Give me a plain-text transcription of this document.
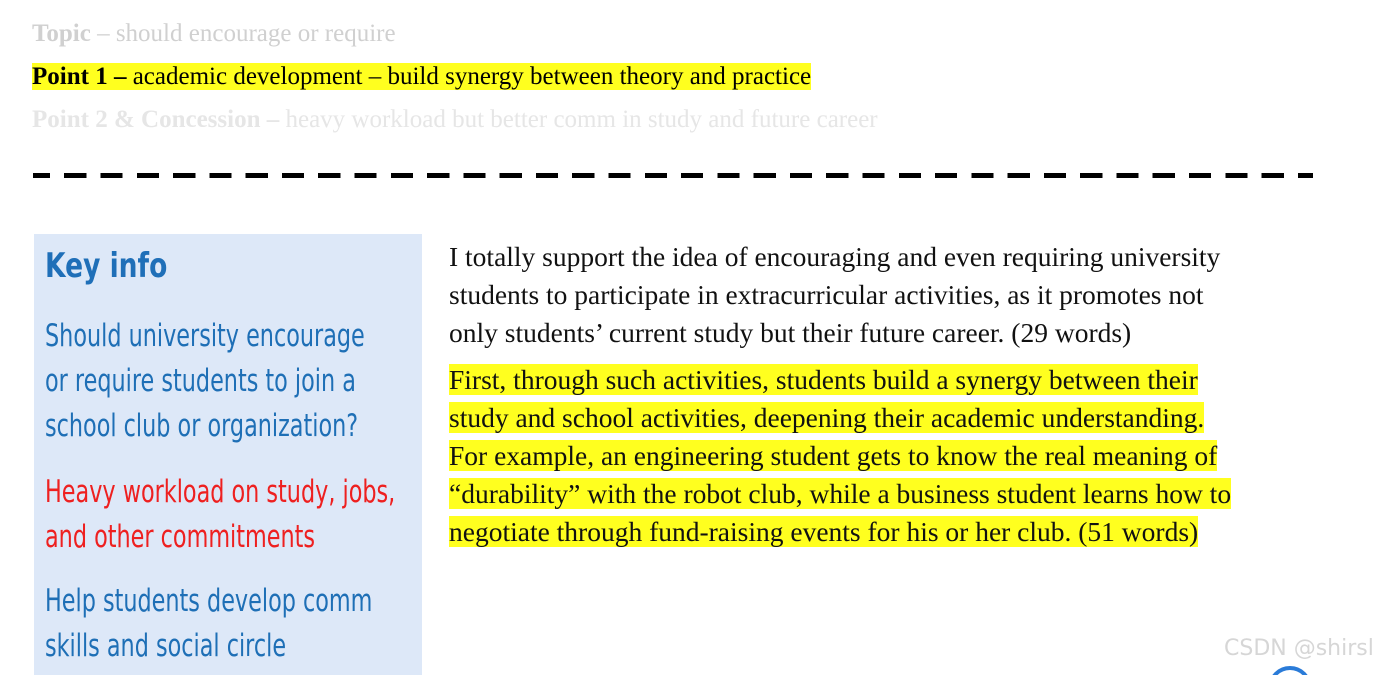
Topic – should encourage or require
Point 1 – academic development – build synergy between theory and practice
Point 2 & Concession – heavy workload but better comm in study and future career
Key info
Should university encourage
or require students to join a
school club or organization?
Heavy workload on study, jobs,
and other commitments
Help students develop comm
skills and social circle
I totally support the idea of encouraging and even requiring university
students to participate in extracurricular activities, as it promotes not
only students’ current study but their future career. (29 words)
First, through such activities, students build a synergy between their
study and school activities, deepening their academic understanding.
For example, an engineering student gets to know the real meaning of
“durability” with the robot club, while a business student learns how to
negotiate through fund-raising events for his or her club. (51 words)
CSDN @shirsl
